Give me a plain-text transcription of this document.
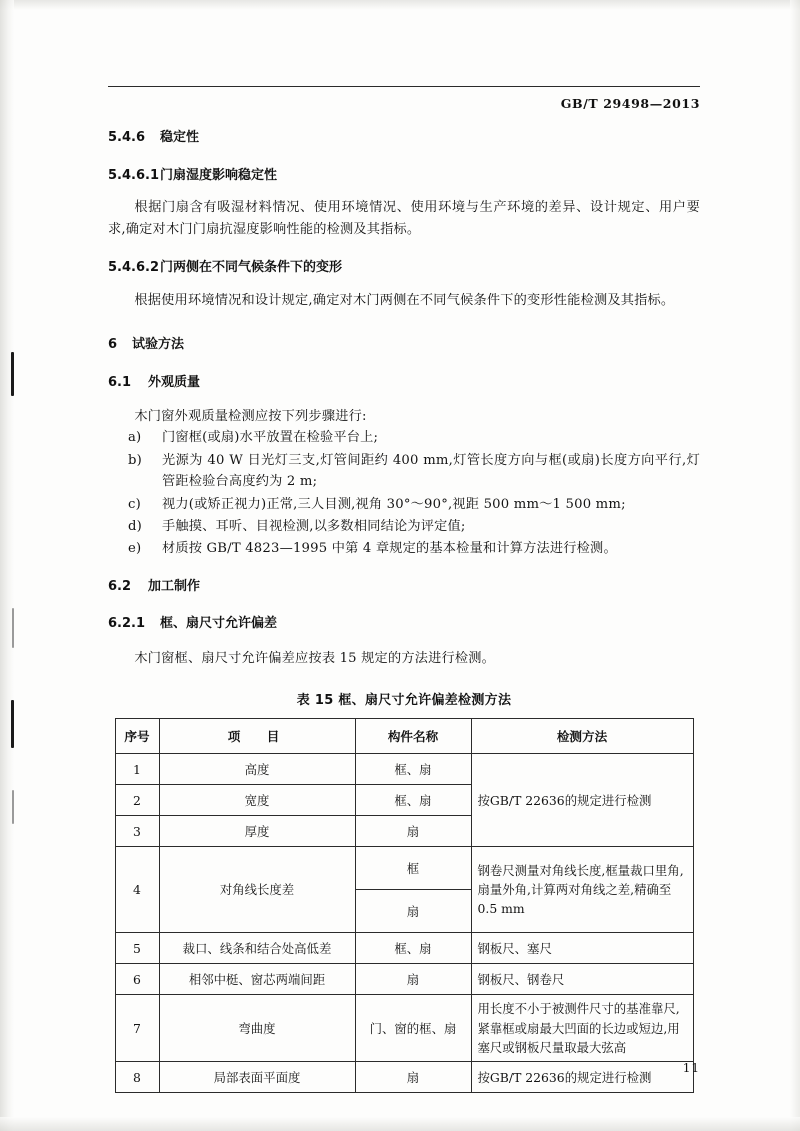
GB/T 29498—2013
5.4.6 稳定性
5.4.6.1门扇湿度影响稳定性

根据门扇含有吸湿材料情况、使用环境情况、使用环境与生产环境的差异、设计规定、用户要求,确定对木门门扇抗湿度影响性能的检测及其指标。

5.4.6.2门两侧在不同气候条件下的变形

根据使用环境情况和设计规定,确定对木门两侧在不同气候条件下的变形性能检测及其指标。

6 试验方法
6.1 外观质量

木门窗外观质量检测应按下列步骤进行:

a) 门窗框(或扇)水平放置在检验平台上;
b) 光源为 40 W 日光灯三支,灯管间距约 400 mm,灯管长度方向与框(或扇)长度方向平行,灯管距检验台高度约为 2 m;
c) 视力(或矫正视力)正常,三人目测,视角 30°～90°,视距 500 mm～1 500 mm;
d) 手触摸、耳听、目视检测,以多数相同结论为评定值;
e) 材质按 GB/T 4823—1995 中第 4 章规定的基本检量和计算方法进行检测。
6.2 加工制作
6.2.1 框、扇尺寸允许偏差

木门窗框、扇尺寸允许偏差应按表 15 规定的方法进行检测。

表 15 框、扇尺寸允许偏差检测方法
序号	项　目	构件名称	检测方法
1	高度	框、扇	按GB/T 22636的规定进行检测
2	宽度	框、扇	
3	厚度	扇	
4	对角线长度差	框	钢卷尺测量对角线长度,框量裁口里角,扇量外角,计算两对角线之差,精确至0.5 mm
		扇	
5	裁口、线条和结合处高低差	框、扇	钢板尺、塞尺
6	相邻中梃、窗芯两端间距	扇	钢板尺、钢卷尺
7	弯曲度	门、窗的框、扇	用长度不小于被测件尺寸的基准靠尺,紧靠框或扇最大凹面的长边或短边,用塞尺或钢板尺量取最大弦高
8	局部表面平面度	扇	按GB/T 22636的规定进行检测
11
